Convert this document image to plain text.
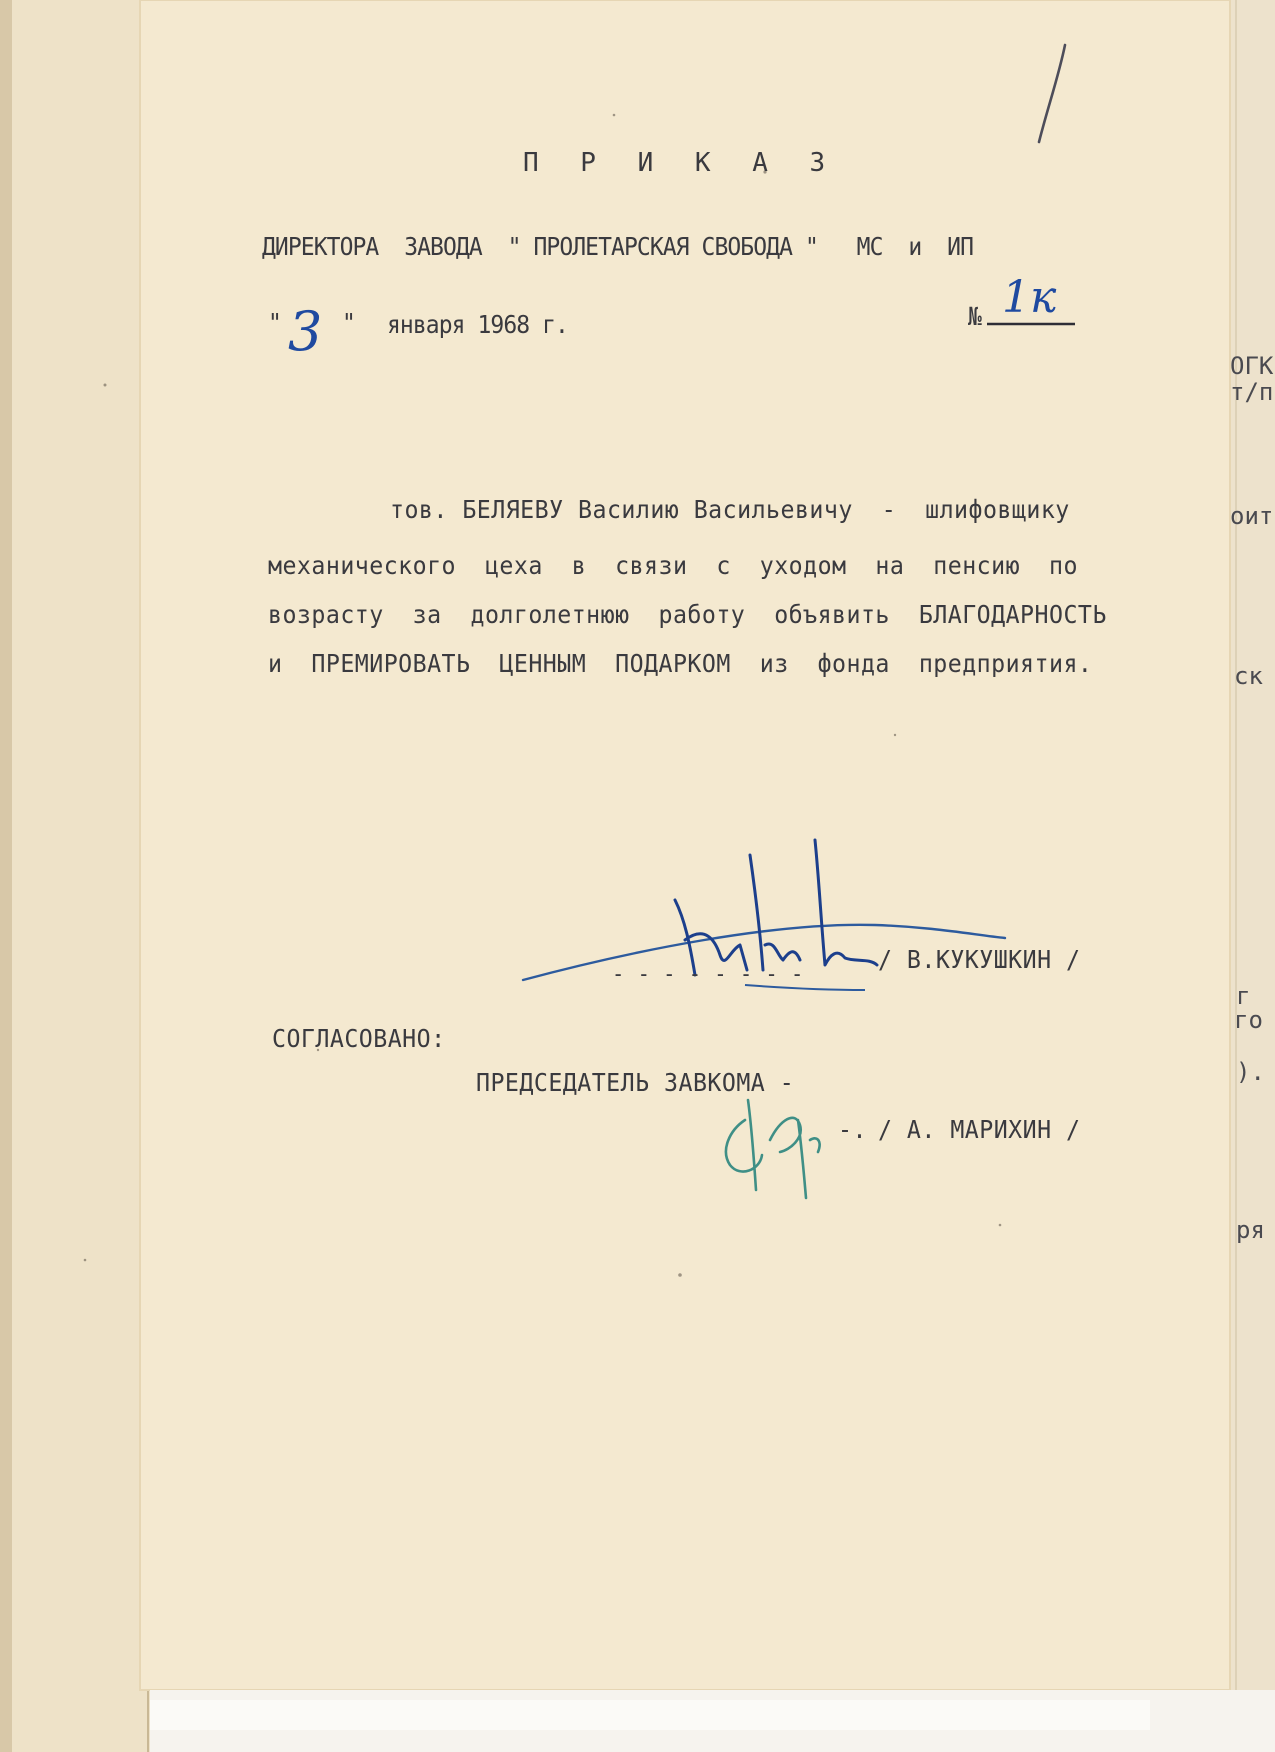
ОГК
т/п
оит
ск
г
го
).
ря
П Р И К А З
ДИРЕКТОРА  ЗАВОДА  " ПРОЛЕТАРСКАЯ СВОБОДА "   МС  и  ИП
" 3 " января 1968 г.	№ 1к
тов. БЕЛЯЕВУ Василию Васильевичу  -  шлифовщику
механического  цеха  в  связи  с  уходом  на  пенсию  по
возрасту  за  долголетнюю  работу  объявить  БЛАГОДАРНОСТЬ
и  ПРЕМИРОВАТЬ  ЦЕННЫМ  ПОДАРКОМ  из  фонда  предприятия.
- - - - - - - -
/ В.КУКУШКИН /
СОГЛАСОВАНО:
ПРЕДСЕДАТЕЛЬ ЗАВКОМА -
-. / А. МАРИХИН /
